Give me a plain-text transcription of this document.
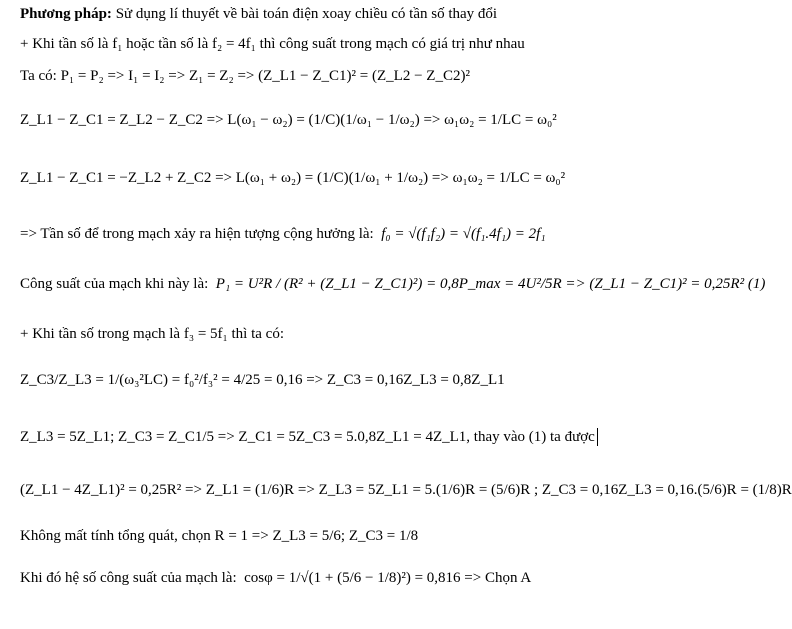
Phương pháp:
Sử dụng lí thuyết về bài toán điện xoay chiều có tần số thay đổi
+ Khi tần số là f₁ hoặc tần số là f₂ = 4f₁ thì công suất trong mạch có giá trị như nhau
Ta có: P₁ = P₂ => I₁ = I₂ => Z₁ = Z₂ => (Z_L1 − Z_C1)² = (Z_L2 − Z_C2)²
Z_L1 − Z_C1 = Z_L2 − Z_C2 => L(ω₁ − ω₂) = (1/C)(1/ω₁ − 1/ω₂) => ω₁ω₂ = 1/LC = ω₀²
Z_L1 − Z_C1 = −Z_L2 + Z_C2 => L(ω₁ + ω₂) = (1/C)(1/ω₁ + 1/ω₂) => ω₁ω₂ = 1/LC = ω₀²
=> Tần số để trong mạch xảy ra hiện tượng cộng hưởng là:
f₀ = √(f₁f₂) = √(f₁.4f₁) = 2f₁
Công suất của mạch khi này là:
P₁ = U²R / (R² + (Z_L1 − Z_C1)²) = 0,8P_max = 4U²/5R => (Z_L1 − Z_C1)² = 0,25R² (1)
+ Khi tần số trong mạch là f₃ = 5f₁ thì ta có:
Z_C3/Z_L3 = 1/(ω₃²LC) = f₀²/f₃² = 4/25 = 0,16 => Z_C3 = 0,16Z_L3 = 0,8Z_L1
Z_L3 = 5Z_L1; Z_C3 = Z_C1/5 => Z_C1 = 5Z_C3 = 5.0,8Z_L1 = 4Z_L1 , thay vào (1) ta được
(Z_L1 − 4Z_L1)² = 0,25R² => Z_L1 = (1/6)R => Z_L3 = 5Z_L1 = 5.(1/6)R = (5/6)R ; Z_C3 = 0,16Z_L3 = 0,16.(5/6)R = (1/8)R
Không mất tính tổng quát, chọn R = 1 => Z_L3 = 5/6; Z_C3 = 1/8
Khi đó hệ số công suất của mạch là:
cosφ = 1/√(1 + (5/6 − 1/8)²) = 0,816 => Chọn A
